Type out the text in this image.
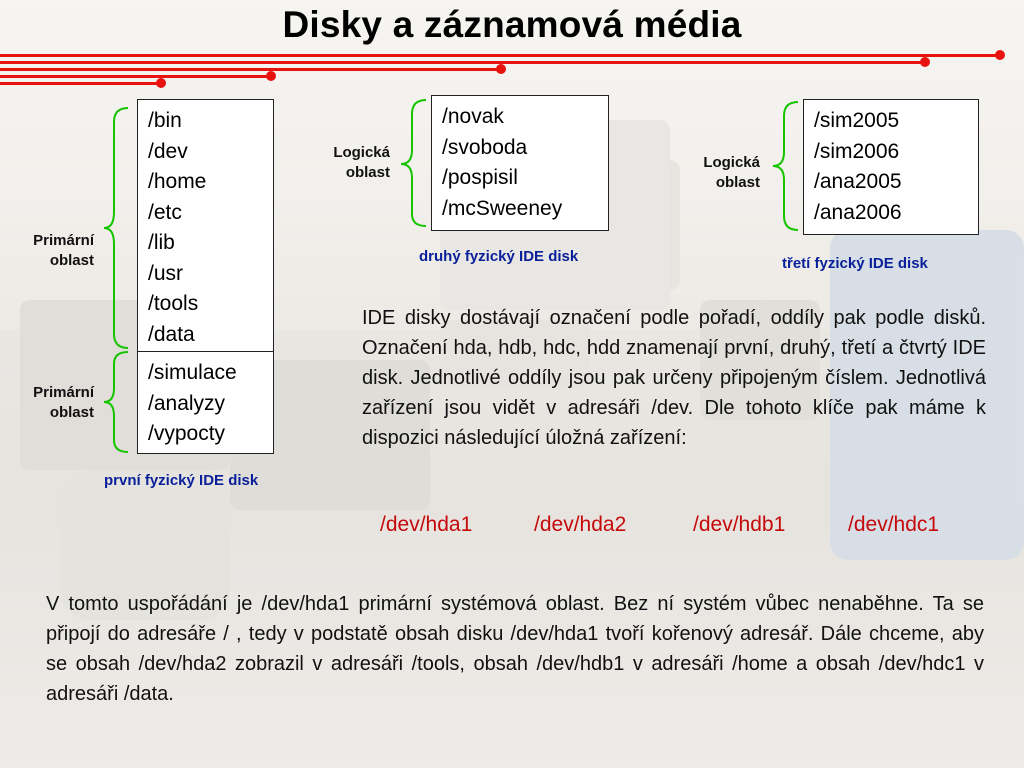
Disky a záznamová média
Primární oblast
/bin
/dev
/home
/etc
/lib
/usr
/tools
/data
Primární oblast
/simulace
/analyzy
/vypocty
první fyzický IDE disk
Logická oblast
/novak
/svoboda
/pospisil
/mcSweeney
druhý fyzický IDE disk
Logická oblast
/sim2005
/sim2006
/ana2005
/ana2006
třetí fyzický IDE disk
IDE disky dostávají označení podle pořadí, oddíly pak podle disků. Označení hda, hdb, hdc, hdd znamenají první, druhý, třetí a čtvrtý IDE disk. Jednotlivé oddíly jsou pak určeny připojeným číslem. Jednotlivá zařízení jsou vidět v adresáři /dev. Dle tohoto klíče pak máme k dispozici následující úložná zařízení:
/dev/hda1	/dev/hda2	/dev/hdb1	/dev/hdc1
V tomto uspořádání je /dev/hda1 primární systémová oblast. Bez ní systém vůbec nenaběhne. Ta se připojí do adresáře / , tedy v podstatě obsah disku /dev/hda1 tvoří kořenový adresář. Dále chceme, aby se obsah /dev/hda2 zobrazil v adresáři /tools, obsah /dev/hdb1 v adresáři /home a obsah /dev/hdc1 v adresáři /data.
